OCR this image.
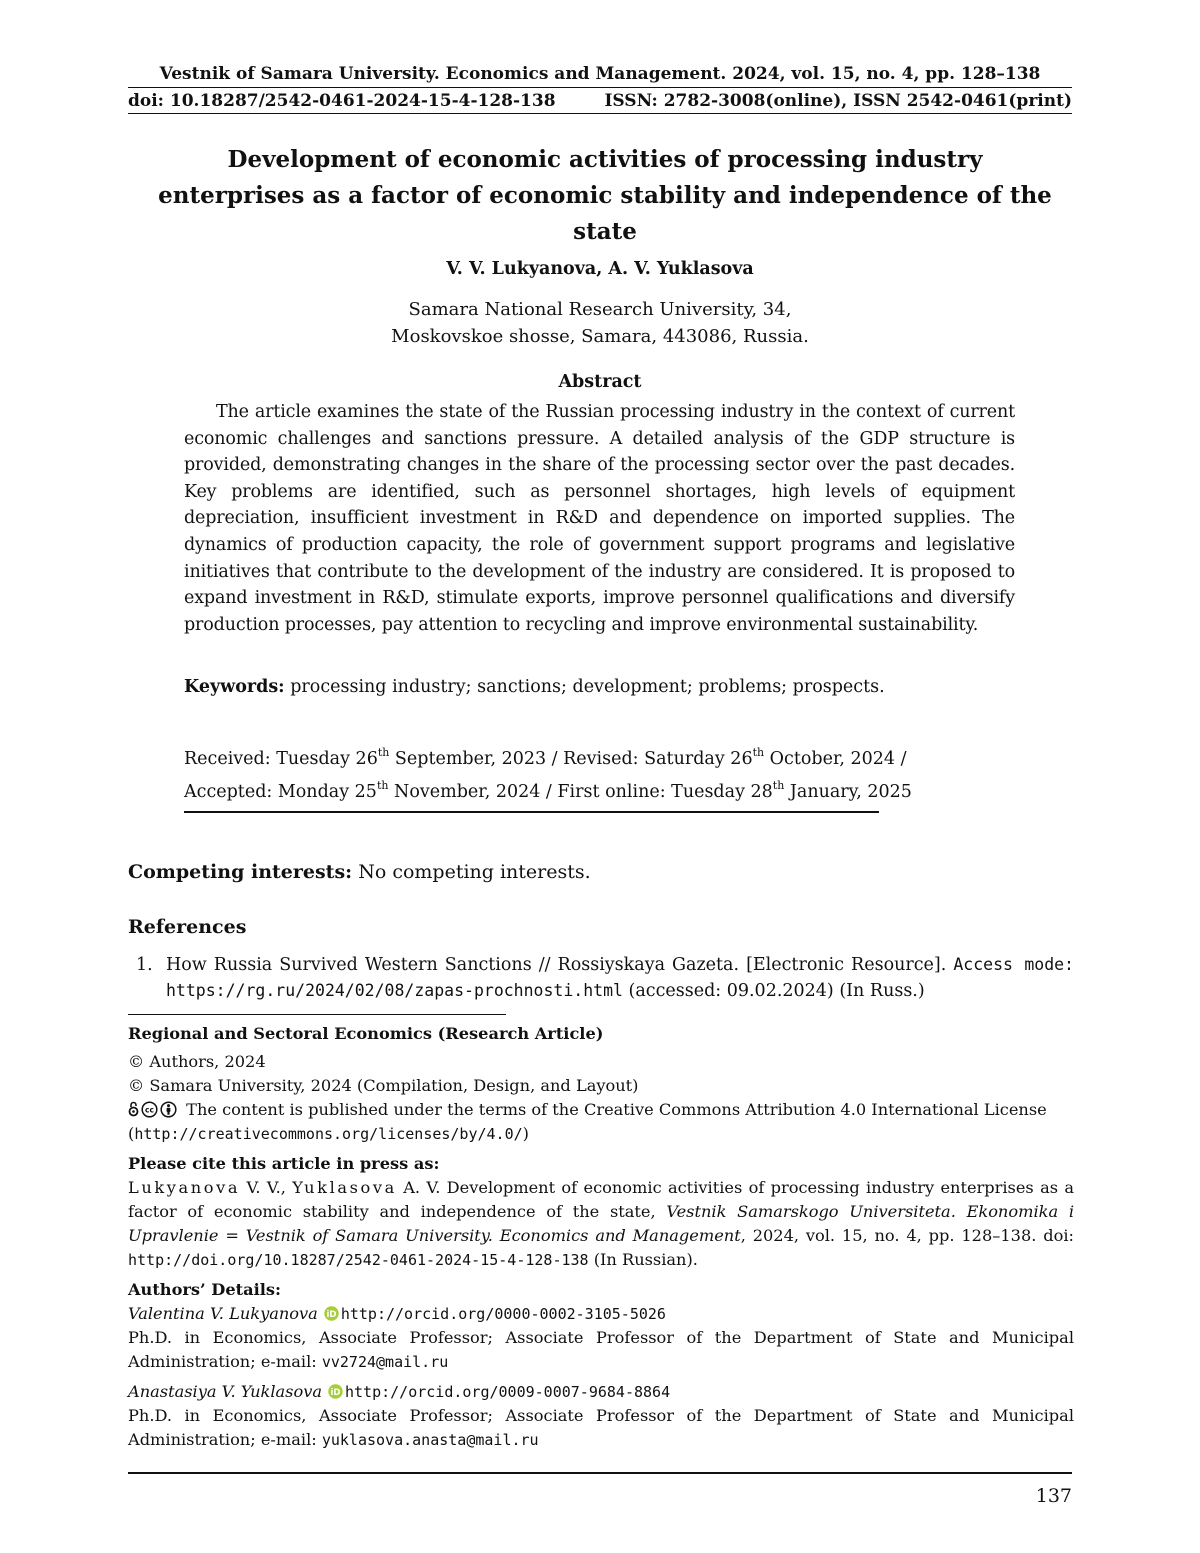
Vestnik of Samara University. Economics and Management. 2024, vol. 15, no. 4, pp. 128–138
doi: 10.18287/2542-0461-2024-15-4-128-138	ISSN: 2782-3008(online), ISSN 2542-0461(print)
Development of economic activities of processing industry
enterprises as a factor of economic stability and independence of the
state
V. V. Lukyanova, A. V. Yuklasova
Samara National Research University, 34,
Moskovskoe shosse, Samara, 443086, Russia.
Abstract
The article examines the state of the Russian processing industry in the context of current economic challenges and sanctions pressure. A detailed analysis of the GDP structure is provided, demonstrating changes in the share of the processing sector over the past decades. Key problems are identified, such as personnel shortages, high levels of equipment depreciation, insufficient investment in R&D and dependence on imported supplies. The dynamics of production capacity, the role of government support programs and legislative initiatives that contribute to the development of the industry are considered. It is proposed to expand investment in R&D, stimulate exports, improve personnel qualifications and diversify production processes, pay attention to recycling and improve environmental sustainability.
Keywords: processing industry; sanctions; development; problems; prospects.
Received: Tuesday 26th September, 2023 / Revised: Saturday 26th October, 2024 /
Accepted: Monday 25th November, 2024 / First online: Tuesday 28th January, 2025
Competing interests: No competing interests.
References
1. How Russia Survived Western Sanctions // Rossiyskaya Gazeta. [Electronic Resource]. Access mode: https://rg.ru/2024/02/08/zapas-prochnosti.html (accessed: 09.02.2024) (In Russ.)
Regional and Sectoral Economics (Research Article)
© Authors, 2024
© Samara University, 2024 (Compilation, Design, and Layout)
cc The content is published under the terms of the Creative Commons Attribution 4.0 International License
(http://creativecommons.org/licenses/by/4.0/)
Please cite this article in press as:
Lukyanova V. V., Yuklasova A. V. Development of economic activities of processing industry enterprises as a factor of economic stability and independence of the state, Vestnik Samarskogo Universiteta. Ekonomika i Upravlenie = Vestnik of Samara University. Economics and Management, 2024, vol. 15, no. 4, pp. 128–138. doi: http://doi.org/10.18287/2542-0461-2024-15-4-128-138 (In Russian).
Authors’ Details:
Valentina V. Lukyanova iD http://orcid.org/0000-0002-3105-5026
Ph.D. in Economics, Associate Professor; Associate Professor of the Department of State and Municipal Administration; e-mail: vv2724@mail.ru
Anastasiya V. Yuklasova iD http://orcid.org/0009-0007-9684-8864
Ph.D. in Economics, Associate Professor; Associate Professor of the Department of State and Municipal Administration; e-mail: yuklasova.anasta@mail.ru
137
